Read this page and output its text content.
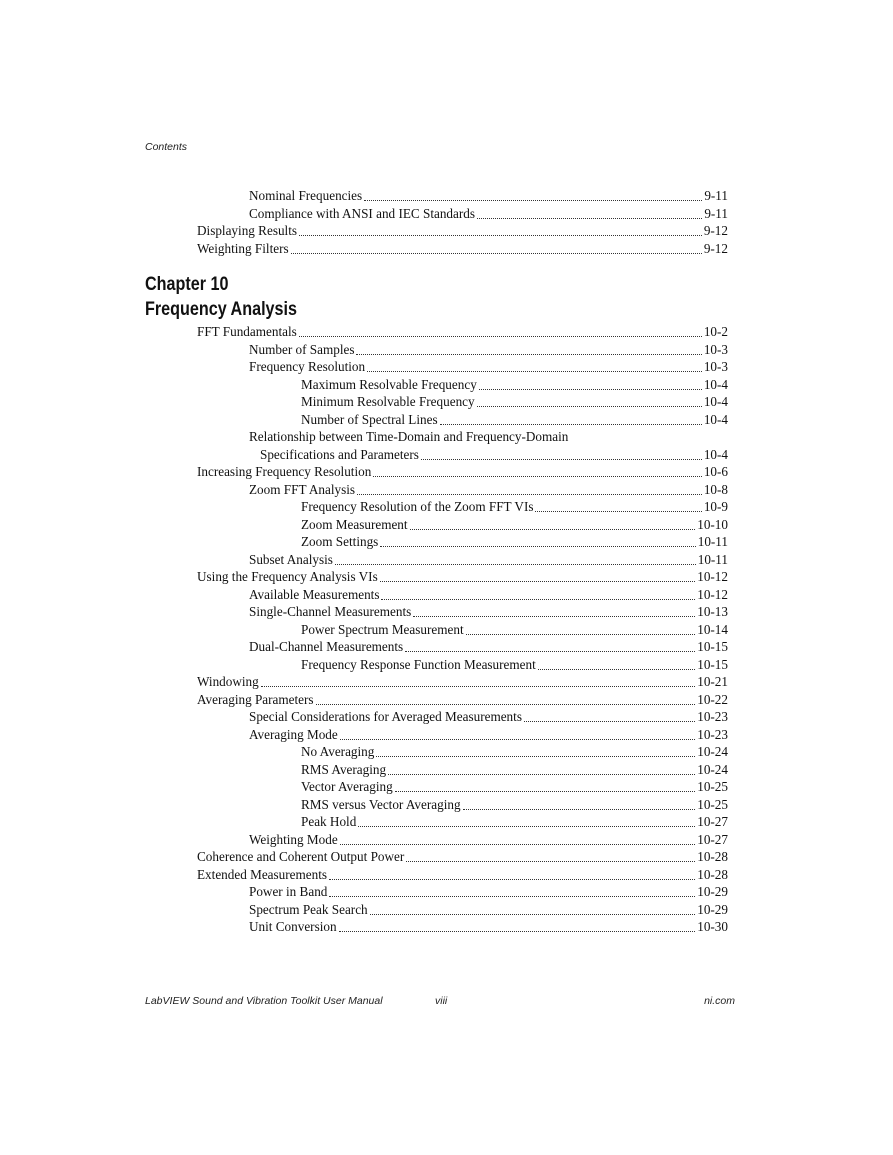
Contents
Nominal Frequencies	9-11
Compliance with ANSI and IEC Standards	9-11
Displaying Results	9-12
Weighting Filters	9-12
FFT Fundamentals	10-2
Number of Samples	10-3
Frequency Resolution	10-3
Maximum Resolvable Frequency	10-4
Minimum Resolvable Frequency	10-4
Number of Spectral Lines	10-4
Relationship between Time-Domain and Frequency-Domain
Specifications and Parameters	10-4
Increasing Frequency Resolution	10-6
Zoom FFT Analysis	10-8
Frequency Resolution of the Zoom FFT VIs	10-9
Zoom Measurement	10-10
Zoom Settings	10-11
Subset Analysis	10-11
Using the Frequency Analysis VIs	10-12
Available Measurements	10-12
Single-Channel Measurements	10-13
Power Spectrum Measurement	10-14
Dual-Channel Measurements	10-15
Frequency Response Function Measurement	10-15
Windowing	10-21
Averaging Parameters	10-22
Special Considerations for Averaged Measurements	10-23
Averaging Mode	10-23
No Averaging	10-24
RMS Averaging	10-24
Vector Averaging	10-25
RMS versus Vector Averaging	10-25
Peak Hold	10-27
Weighting Mode	10-27
Coherence and Coherent Output Power	10-28
Extended Measurements	10-28
Power in Band	10-29
Spectrum Peak Search	10-29
Unit Conversion	10-30
Chapter 10
Frequency Analysis
LabVIEW Sound and Vibration Toolkit User Manual	viii	ni.com
